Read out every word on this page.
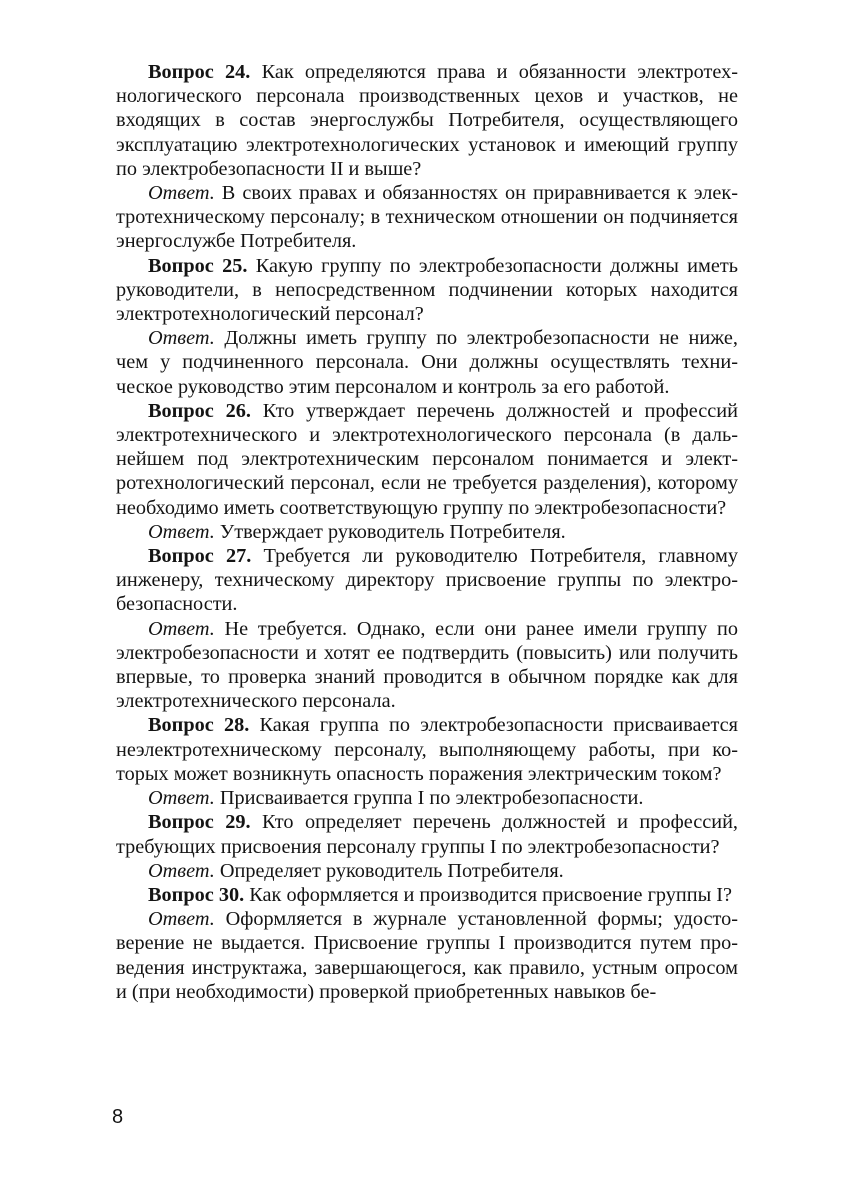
Вопрос 24. Как определяются права и обязанности электротехнологического персонала производственных цехов и участков, не входящих в состав энергослужбы Потребителя, осуществляющего эксплуатацию электротехнологических установок и имеющий группу по электробезопасности II и выше?

Ответ. В своих правах и обязанностях он приравнивается к электротехническому персоналу; в техническом отношении он подчиняется энергослужбе Потребителя.

Вопрос 25. Какую группу по электробезопасности должны иметь руководители, в непосредственном подчинении которых находится электротехнологический персонал?

Ответ. Должны иметь группу по электробезопасности не ниже, чем у подчиненного персонала. Они должны осуществлять техническое руководство этим персоналом и контроль за его работой.

Вопрос 26. Кто утверждает перечень должностей и профессий электротехнического и электротехнологического персонала (в дальнейшем под электротехническим персоналом понимается и электротехнологический персонал, если не требуется разделения), которому необходимо иметь соответствующую группу по электробезопасности?

Ответ. Утверждает руководитель Потребителя.

Вопрос 27. Требуется ли руководителю Потребителя, главному инженеру, техническому директору присвоение группы по электробезопасности.

Ответ. Не требуется. Однако, если они ранее имели группу по электробезопасности и хотят ее подтвердить (повысить) или получить впервые, то проверка знаний проводится в обычном порядке как для электротехнического персонала.

Вопрос 28. Какая группа по электробезопасности присваивается неэлектротехническому персоналу, выполняющему работы, при которых может возникнуть опасность поражения электрическим током?

Ответ. Присваивается группа I по электробезопасности.

Вопрос 29. Кто определяет перечень должностей и профессий, требующих присвоения персоналу группы I по электробезопасности?

Ответ. Определяет руководитель Потребителя.

Вопрос 30. Как оформляется и производится присвоение группы I?

Ответ. Оформляется в журнале установленной формы; удостоверение не выдается. Присвоение группы I производится путем проведения инструктажа, завершающегося, как правило, устным опросом и (при необходимости) проверкой приобретенных навыков бе-

8
